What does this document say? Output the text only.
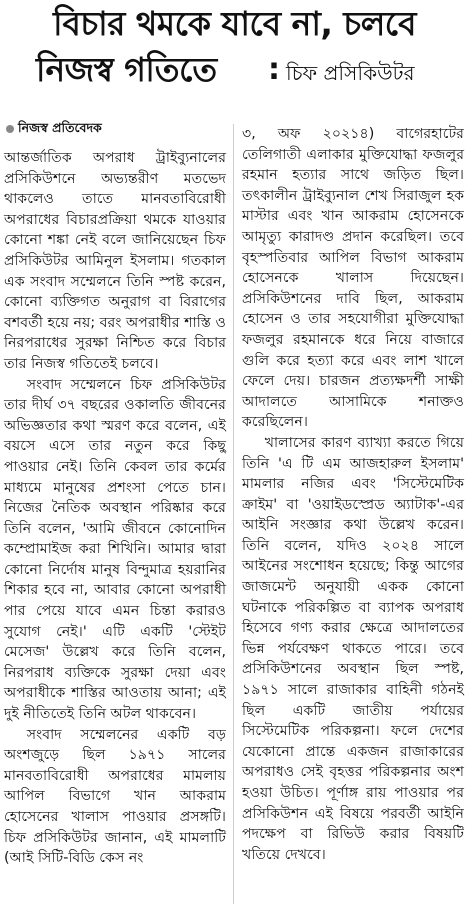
বিচার থমকে যাবে না, চলবে
নিজস্ব গতিতে : চিফ প্রসিকিউটর
নিজস্ব প্রতিবেদক

আন্তর্জাতিক অপরাধ ট্রাইব্যুনালের প্রসিকিউশনে অভ্যন্তরীণ মতভেদ থাকলেও তাতে মানবতাবিরোধী অপরাধের বিচারপ্রক্রিয়া থমকে যাওয়ার কোনো শঙ্কা নেই বলে জানিয়েছেন চিফ প্রসিকিউটর আমিনুল ইসলাম। গতকাল এক সংবাদ সম্মেলনে তিনি স্পষ্ট করেন, কোনো ব্যক্তিগত অনুরাগ বা বিরাগের বশবর্তী হয়ে নয়; বরং অপরাধীর শাস্তি ও নিরপরাধের সুরক্ষা নিশ্চিত করে বিচার তার নিজস্ব গতিতেই চলবে।

সংবাদ সম্মেলনে চিফ প্রসিকিউটর তার দীর্ঘ ৩৭ বছরের ওকালতি জীবনের অভিজ্ঞতার কথা স্মরণ করে বলেন, এই বয়সে এসে তার নতুন করে কিছু পাওয়ার নেই। তিনি কেবল তার কর্মের মাধ্যমে মানুষের প্রশংসা পেতে চান। নিজের নৈতিক অবস্থান পরিষ্কার করে তিনি বলেন, 'আমি জীবনে কোনোদিন কম্প্রোমাইজ করা শিখিনি। আমার দ্বারা কোনো নির্দোষ মানুষ বিন্দুমাত্র হয়রানির শিকার হবে না, আবার কোনো অপরাধী পার পেয়ে যাবে এমন চিন্তা করারও সুযোগ নেই।' এটি একটি 'স্টেইট মেসেজ' উল্লেখ করে তিনি বলেন, নিরপরাধ ব্যক্তিকে সুরক্ষা দেয়া এবং অপরাধীকে শাস্তির আওতায় আনা; এই দুই নীতিতেই তিনি অটল থাকবেন।

সংবাদ সম্মেলনের একটি বড় অংশজুড়ে ছিল ১৯৭১ সালের মানবতাবিরোধী অপরাধের মামলায় আপিল বিভাগে খান আকরাম হোসেনের খালাস পাওয়ার প্রসঙ্গটি। চিফ প্রসিকিউটর জানান, এই মামলাটি (আই সিটি-বিডি কেস নং

৩, অফ ২০২১৪) বাগেরহাটের তেলিগাতী এলাকার মুক্তিযোদ্ধা ফজলুর রহমান হত্যার সাথে জড়িত ছিল। তৎকালীন ট্রাইব্যুনাল শেখ সিরাজুল হক মাস্টার এবং খান আকরাম হোসেনকে আমৃত্যু কারাদণ্ড প্রদান করেছিল। তবে বৃহস্পতিবার আপিল বিভাগ আকরাম হোসেনকে খালাস দিয়েছেন। প্রসিকিউশনের দাবি ছিল, আকরাম হোসেন ও তার সহযোগীরা মুক্তিযোদ্ধা ফজলুর রহমানকে ধরে নিয়ে বাজারে গুলি করে হত্যা করে এবং লাশ খালে ফেলে দেয়। চারজন প্রত্যক্ষদর্শী সাক্ষী আদালতে আসামিকে শনাক্তও করেছিলেন।

খালাসের কারণ ব্যাখ্যা করতে গিয়ে তিনি 'এ টি এম আজহারুল ইসলাম' মামলার নজির এবং 'সিস্টেমেটিক ক্রাইম' বা 'ওয়াইডস্প্রেড অ্যাটাক'-এর আইনি সংজ্ঞার কথা উল্লেখ করেন। তিনি বলেন, যদিও ২০২৪ সালে আইনের সংশোধন হয়েছে; কিন্তু আগের জাজমেন্ট অনুযায়ী একক কোনো ঘটনাকে পরিকল্পিত বা ব্যাপক অপরাধ হিসেবে গণ্য করার ক্ষেত্রে আদালতের ভিন্ন পর্যবেক্ষণ থাকতে পারে। তবে প্রসিকিউশনের অবস্থান ছিল স্পষ্ট, ১৯৭১ সালে রাজাকার বাহিনী গঠনই ছিল একটি জাতীয় পর্যায়ের সিস্টেমেটিক পরিকল্পনা। ফলে দেশের যেকোনো প্রান্তে একজন রাজাকারের অপরাধও সেই বৃহত্তর পরিকল্পনার অংশ হওয়া উচিত। পূর্ণাঙ্গ রায় পাওয়ার পর প্রসিকিউশন এই বিষয়ে পরবর্তী আইনি পদক্ষেপ বা রিভিউ করার বিষয়টি খতিয়ে দেখবে।
